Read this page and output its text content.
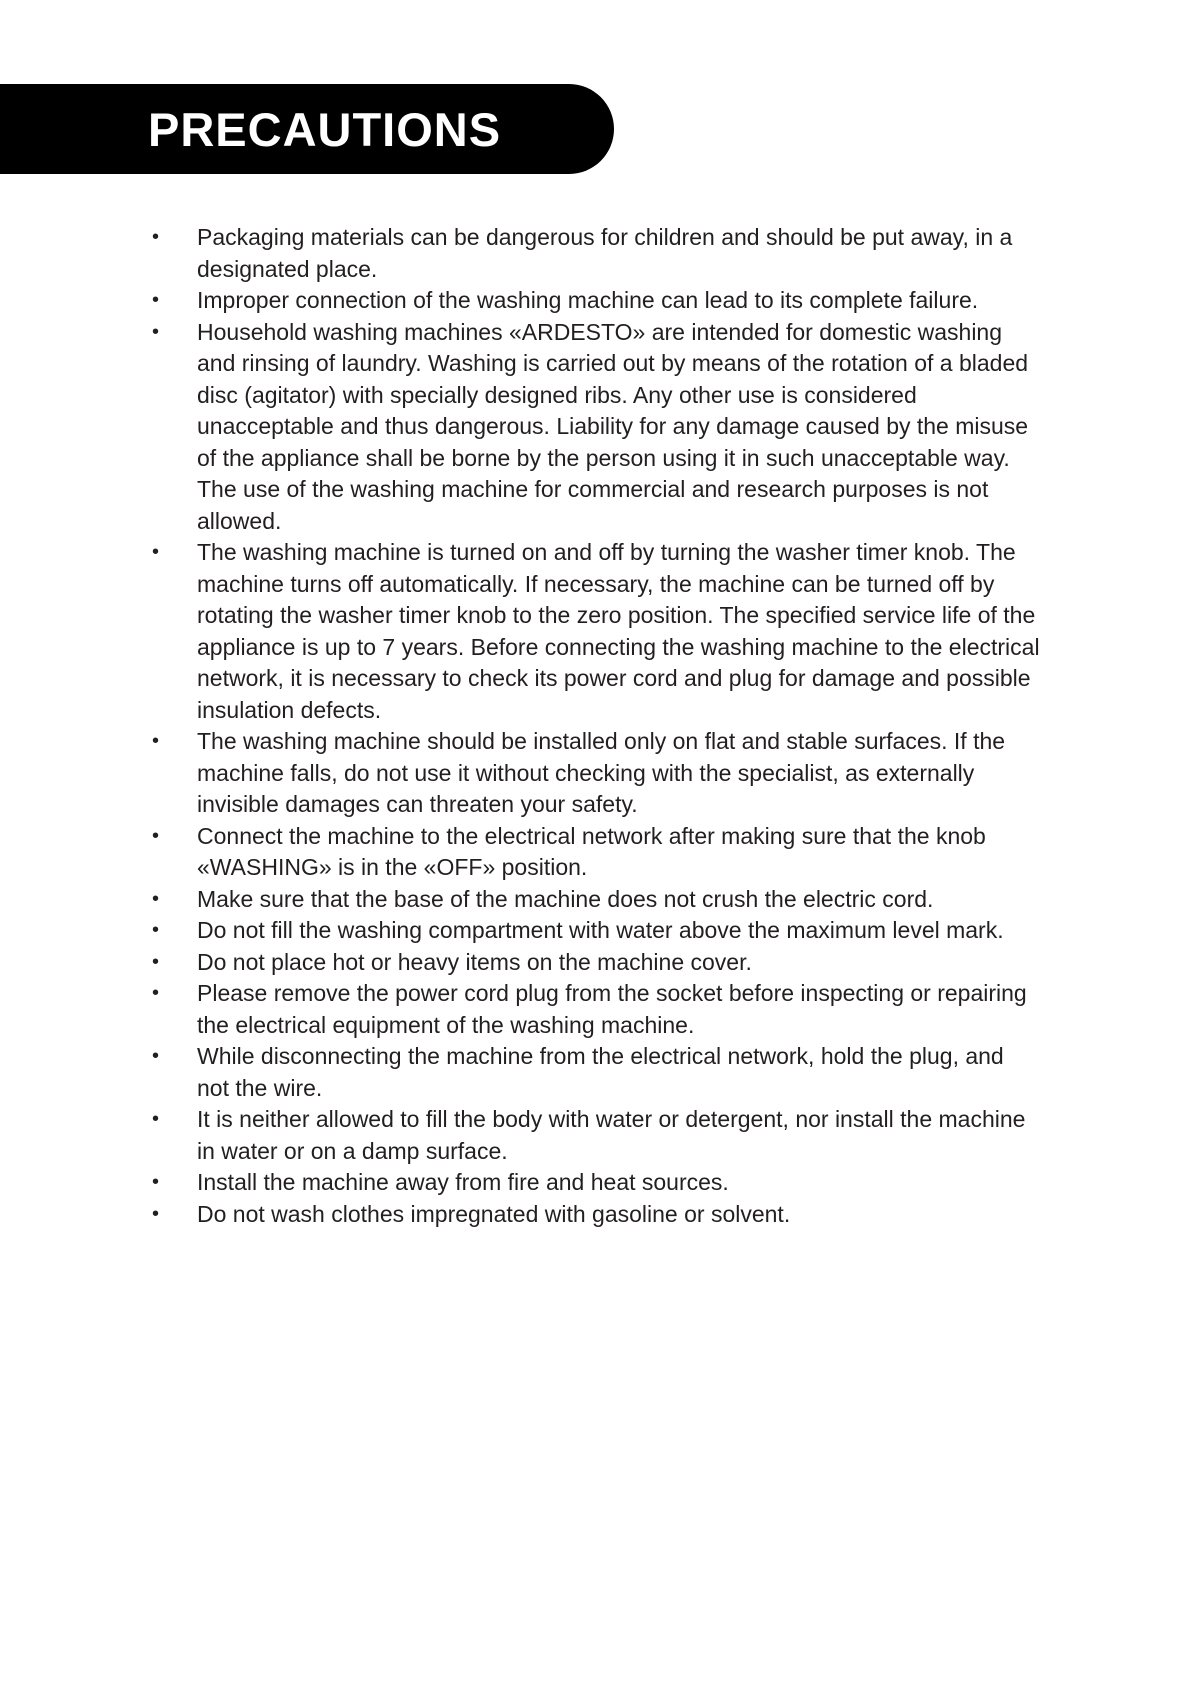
PRECAUTIONS
•	Packaging materials can be dangerous for children and should be put away, in a designated place.
•	Improper connection of the washing machine can lead to its complete failure.
•	Household washing machines «ARDESTO» are intended for domestic washing and rinsing of laundry. Washing is carried out by means of the rotation of a bladed disc (agitator) with specially designed ribs. Any other use is considered unacceptable and thus dangerous. Liability for any damage caused by the misuse of the appliance shall be borne by the person using it in such unacceptable way. The use of the washing machine for commercial and research purposes is not allowed.
•	The washing machine is turned on and off by turning the washer timer knob. The machine turns off automatically. If necessary, the machine can be turned off by rotating the washer timer knob to the zero position. The specified service life of the appliance is up to 7 years. Before connecting the washing machine to the electrical network, it is necessary to check its power cord and plug for damage and possible insulation defects.
•	The washing machine should be installed only on flat and stable surfaces. If the machine falls, do not use it without checking with the specialist, as externally invisible damages can threaten your safety.
•	Connect the machine to the electrical network after making sure that the knob «WASHING» is in the «OFF» position.
•	Make sure that the base of the machine does not crush the electric cord.
•	Do not fill the washing compartment with water above the maximum level mark.
•	Do not place hot or heavy items on the machine cover.
•	Please remove the power cord plug from the socket before inspecting or repairing the electrical equipment of the washing machine.
•	While disconnecting the machine from the electrical network, hold the plug, and not the wire.
•	It is neither allowed to fill the body with water or detergent, nor install the machine in water or on a damp surface.
•	Install the machine away from fire and heat sources.
•	Do not wash clothes impregnated with gasoline or solvent.
